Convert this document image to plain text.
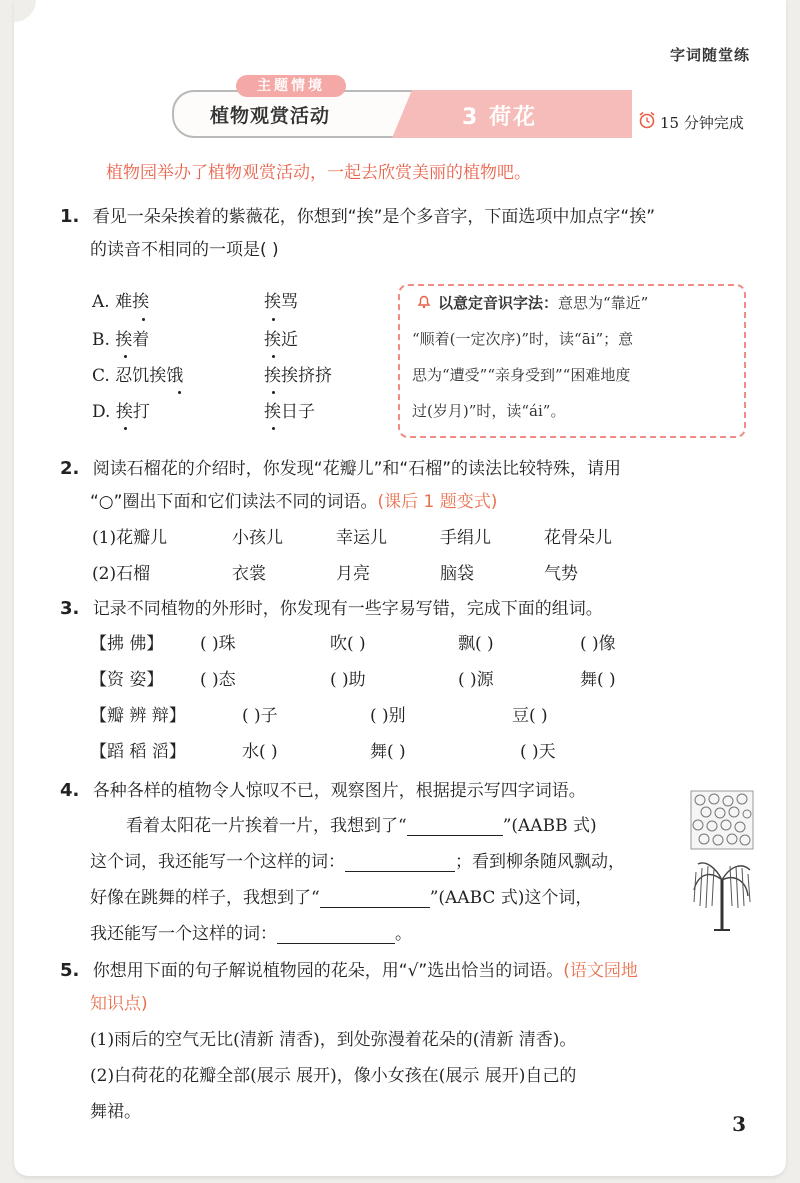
字词随堂练
植物观赏活动
主题情境
3 荷花	15 分钟完成
植物园举办了植物观赏活动，一起去欣赏美丽的植物吧。
1. 看见一朵朵挨着的紫薇花，你想到“挨”是个多音字，下面选项中加点字“挨”
的读音不相同的一项是( )
A. 难挨	挨骂
B. 挨着	挨近
C. 忍饥挨饿	挨挨挤挤
D. 挨打	挨日子
以意定音识字法：意思为“靠近”
“顺着(一定次序)”时，读“āi”；意
思为“遭受”“亲身受到”“困难地度
过(岁月)”时，读“ái”。
2. 阅读石榴花的介绍时，你发现“花瓣儿”和“石榴”的读法比较特殊，请用
“○”圈出下面和它们读法不同的词语。(课后 1 题变式)
(1)花瓣儿	小孩儿	幸运儿	手绢儿	花骨朵儿
(2)石榴	衣裳	月亮	脑袋	气势
3. 记录不同植物的外形时，你发现有一些字易写错，完成下面的组词。
【拂 佛】 ( )珠	吹( )	飘( )	( )像
【资 姿】 ( )态	( )助	( )源	舞( )
【瓣 辨 辩】	( )子	( )别	豆( )
【蹈 稻 滔】	水( )	舞( )	( )天
4. 各种各样的植物令人惊叹不已，观察图片，根据提示写四字词语。
看着太阳花一片挨着一片，我想到了“	”(AABB 式)
这个词，我还能写一个这样的词：	；看到柳条随风飘动，
好像在跳舞的样子，我想到了“	”(AABC 式)这个词，
我还能写一个这样的词：	。
5. 你想用下面的句子解说植物园的花朵，用“√”选出恰当的词语。(语文园地
知识点)
(1)雨后的空气无比(清新 清香)，到处弥漫着花朵的(清新 清香)。
(2)白荷花的花瓣全部(展示 展开)，像小女孩在(展示 展开)自己的
舞裙。	3
